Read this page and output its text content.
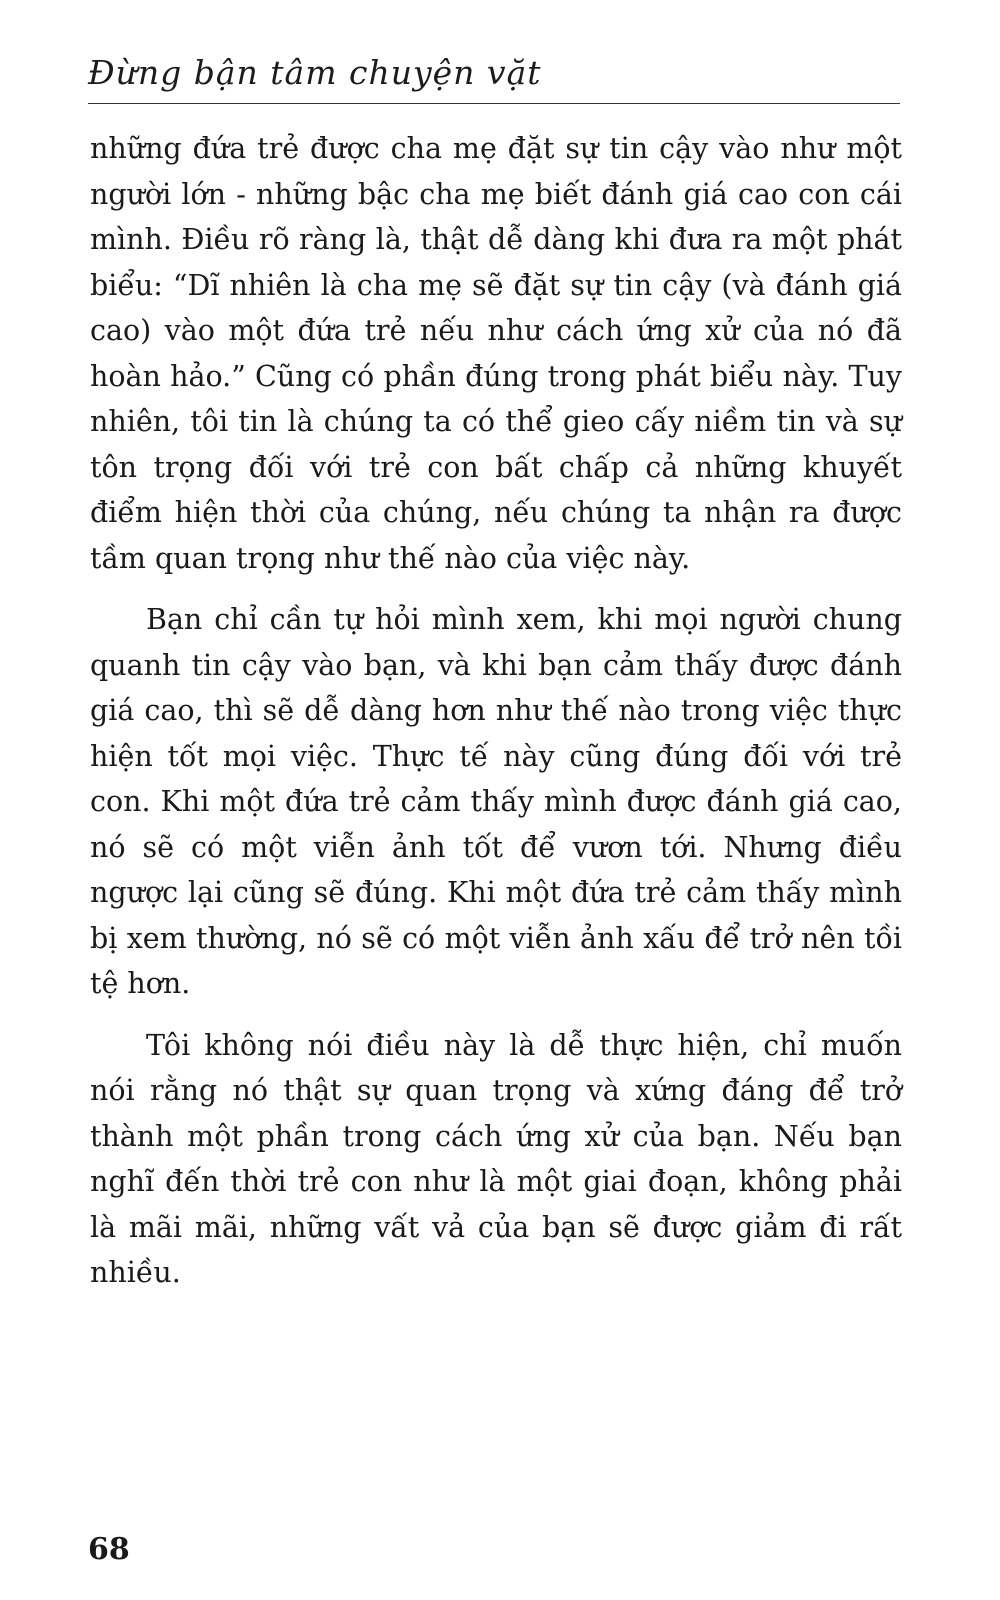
Đừng bận tâm chuyện vặt

những đứa trẻ được cha mẹ đặt sự tin cậy vào như một người lớn - những bậc cha mẹ biết đánh giá cao con cái mình. Điều rõ ràng là, thật dễ dàng khi đưa ra một phát biểu: “Dĩ nhiên là cha mẹ sẽ đặt sự tin cậy (và đánh giá cao) vào một đứa trẻ nếu như cách ứng xử của nó đã hoàn hảo.” Cũng có phần đúng trong phát biểu này. Tuy nhiên, tôi tin là chúng ta có thể gieo cấy niềm tin và sự tôn trọng đối với trẻ con bất chấp cả những khuyết điểm hiện thời của chúng, nếu chúng ta nhận ra được tầm quan trọng như thế nào của việc này.

Bạn chỉ cần tự hỏi mình xem, khi mọi người chung quanh tin cậy vào bạn, và khi bạn cảm thấy được đánh giá cao, thì sẽ dễ dàng hơn như thế nào trong việc thực hiện tốt mọi việc. Thực tế này cũng đúng đối với trẻ con. Khi một đứa trẻ cảm thấy mình được đánh giá cao, nó sẽ có một viễn ảnh tốt để vươn tới. Nhưng điều ngược lại cũng sẽ đúng. Khi một đứa trẻ cảm thấy mình bị xem thường, nó sẽ có một viễn ảnh xấu để trở nên tồi tệ hơn.

Tôi không nói điều này là dễ thực hiện, chỉ muốn nói rằng nó thật sự quan trọng và xứng đáng để trở thành một phần trong cách ứng xử của bạn. Nếu bạn nghĩ đến thời trẻ con như là một giai đoạn, không phải là mãi mãi, những vất vả của bạn sẽ được giảm đi rất nhiều.

68
